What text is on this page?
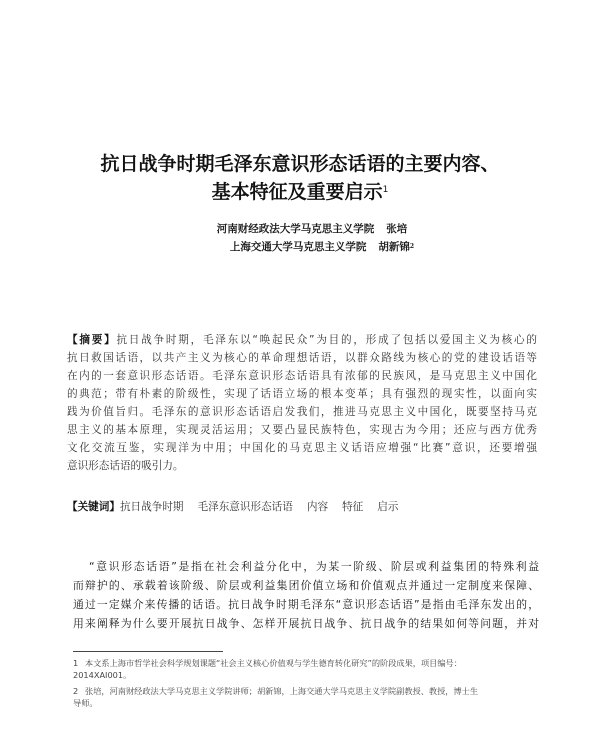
抗日战争时期毛泽东意识形态话语的主要内容、
基本特征及重要启示$^1$
河南财经政法大学马克思主义学院 张培
上海交通大学马克思主义学院 胡新锦$^2$
【摘要】抗日战争时期，毛泽东以“唤起民众”为目的，形成了包括以爱国主义为核心的
抗日救国话语，以共产主义为核心的革命理想话语，以群众路线为核心的党的建设话语等
在内的一套意识形态话语。毛泽东意识形态话语具有浓郁的民族风，是马克思主义中国化
的典范；带有朴素的阶级性，实现了话语立场的根本变革；具有强烈的现实性，以面向实
践为价值旨归。毛泽东的意识形态话语启发我们，推进马克思主义中国化，既要坚持马克
思主义的基本原理，实现灵活运用；又要凸显民族特色，实现古为今用；还应与西方优秀
文化交流互鉴，实现洋为中用；中国化的马克思主义话语应增强“比赛”意识，还要增强
意识形态话语的吸引力。
【关键词】抗日战争时期 毛泽东意识形态话语 内容 特征 启示
“意识形态话语”是指在社会利益分化中，为某一阶级、阶层或利益集团的特殊利益
而辩护的、承载着该阶级、阶层或利益集团价值立场和价值观点并通过一定制度来保障、
通过一定媒介来传播的话语。抗日战争时期毛泽东“意识形态话语”是指由毛泽东发出的，
用来阐释为什么要开展抗日战争、怎样开展抗日战争、抗日战争的结果如何等问题，并对
1 本文系上海市哲学社会科学规划课题“社会主义核心价值观与学生德育转化研究”的阶段成果，项目编号：
2014XAI001。
2 张培，河南财经政法大学马克思主义学院讲师；胡新锦，上海交通大学马克思主义学院副教授、教授，博士生
导师。
